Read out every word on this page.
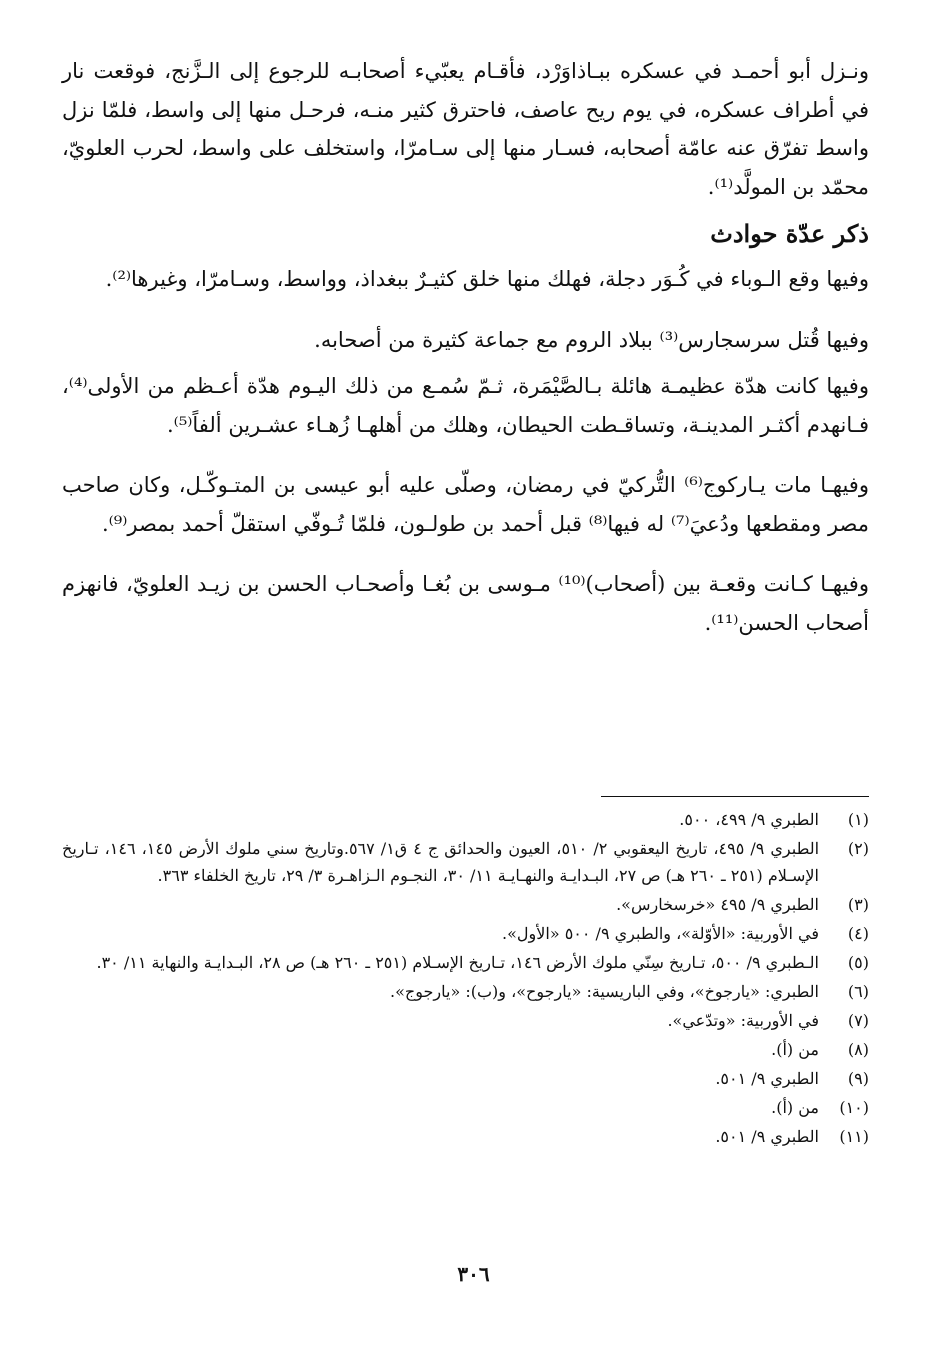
ونـزل أبو أحمـد في عسكره ببـاذاوَرْد، فأقـام يعبّيء أصحابـه للرجوع إلى الـزَّنج، فوقعت نار في أطراف عسكره، في يوم ريح عاصف، فاحترق كثير منـه، فرحـل منها إلى واسط، فلمّا نزل واسط تفرّق عنه عامّة أصحابه، فسـار منها إلى سـامرّا، واستخلف على واسط، لحرب العلويّ، محمّد بن المولَّد⁽¹⁾.

ذكر عدّة حوادث

وفيها وقع الـوباء في كُـوَر دجلة، فهلك منها خلق كثيـرٌ ببغداذ، وواسط، وسـامرّا، وغيرها⁽²⁾.

وفيها قُتل سرسجارس⁽³⁾ ببلاد الروم مع جماعة كثيرة من أصحابه.

وفيها كانت هدّة عظيمـة هائلة بـالصَّيْمَرة، ثـمّ سُمـع من ذلك اليـوم هدّة أعـظم من الأولى⁽⁴⁾، فـانهدم أكثـر المدينـة، وتساقـطت الحيطان، وهلك من أهلهـا زُهـاء عشـرين ألفاً⁽⁵⁾.

وفيهـا مات يـاركوج⁽⁶⁾ التُّركيّ في رمضان، وصلّى عليه أبو عيسى بن المتـوكّـل، وكان صاحب مصر ومقطعها ودُعيَ⁽⁷⁾ له فيها⁽⁸⁾ قبل أحمد بن طولـون، فلمّا تُـوفّي استقلّ أحمد بمصر⁽⁹⁾.

وفيهـا كـانت وقعـة بين (أصحاب)⁽¹⁰⁾ مـوسى بن بُغـا وأصحـاب الحسن بن زيـد العلويّ، فانهزم أصحاب الحسن⁽¹¹⁾.

(١)
الطبري ٩/ ٤٩٩، ٥٠٠.
(٢)
الطبري ٩/ ٤٩٥، تاريخ اليعقوبي ٢/ ٥١٠، العيون والحدائق ج ٤ ق١/ ٥٦٧.وتاريخ سني ملوك الأرض ١٤٥، ١٤٦، تـاريخ الإسـلام (٢٥١ ـ ٢٦٠ هـ) ص ٢٧، البـدايـة والنهـايـة ١١/ ٣٠، النجـوم الـزاهـرة ٣/ ٢٩، تاريخ الخلفاء ٣٦٣.
(٣)
الطبري ٩/ ٤٩٥ «خرسخارس».
(٤)
في الأوربية: «الأوّلة»، والطبري ٩/ ٥٠٠ «الأول».
(٥)
الـطبري ٩/ ٥٠٠، تـاريخ سِنّي ملوك الأرض ١٤٦، تـاريخ الإسـلام (٢٥١ ـ ٢٦٠ هـ) ص ٢٨، البـدايـة والنهاية ١١/ ٣٠.
(٦)
الطبري: «يارجوخ»، وفي الباريسية: «يارجوح»، و(ب): «يارجوج».
(٧)
في الأوربية: «وتدّعي».
(٨)
من (أ).
(٩)
الطبري ٩/ ٥٠١.
(١٠)
من (أ).
(١١)
الطبري ٩/ ٥٠١.
٣٠٦
